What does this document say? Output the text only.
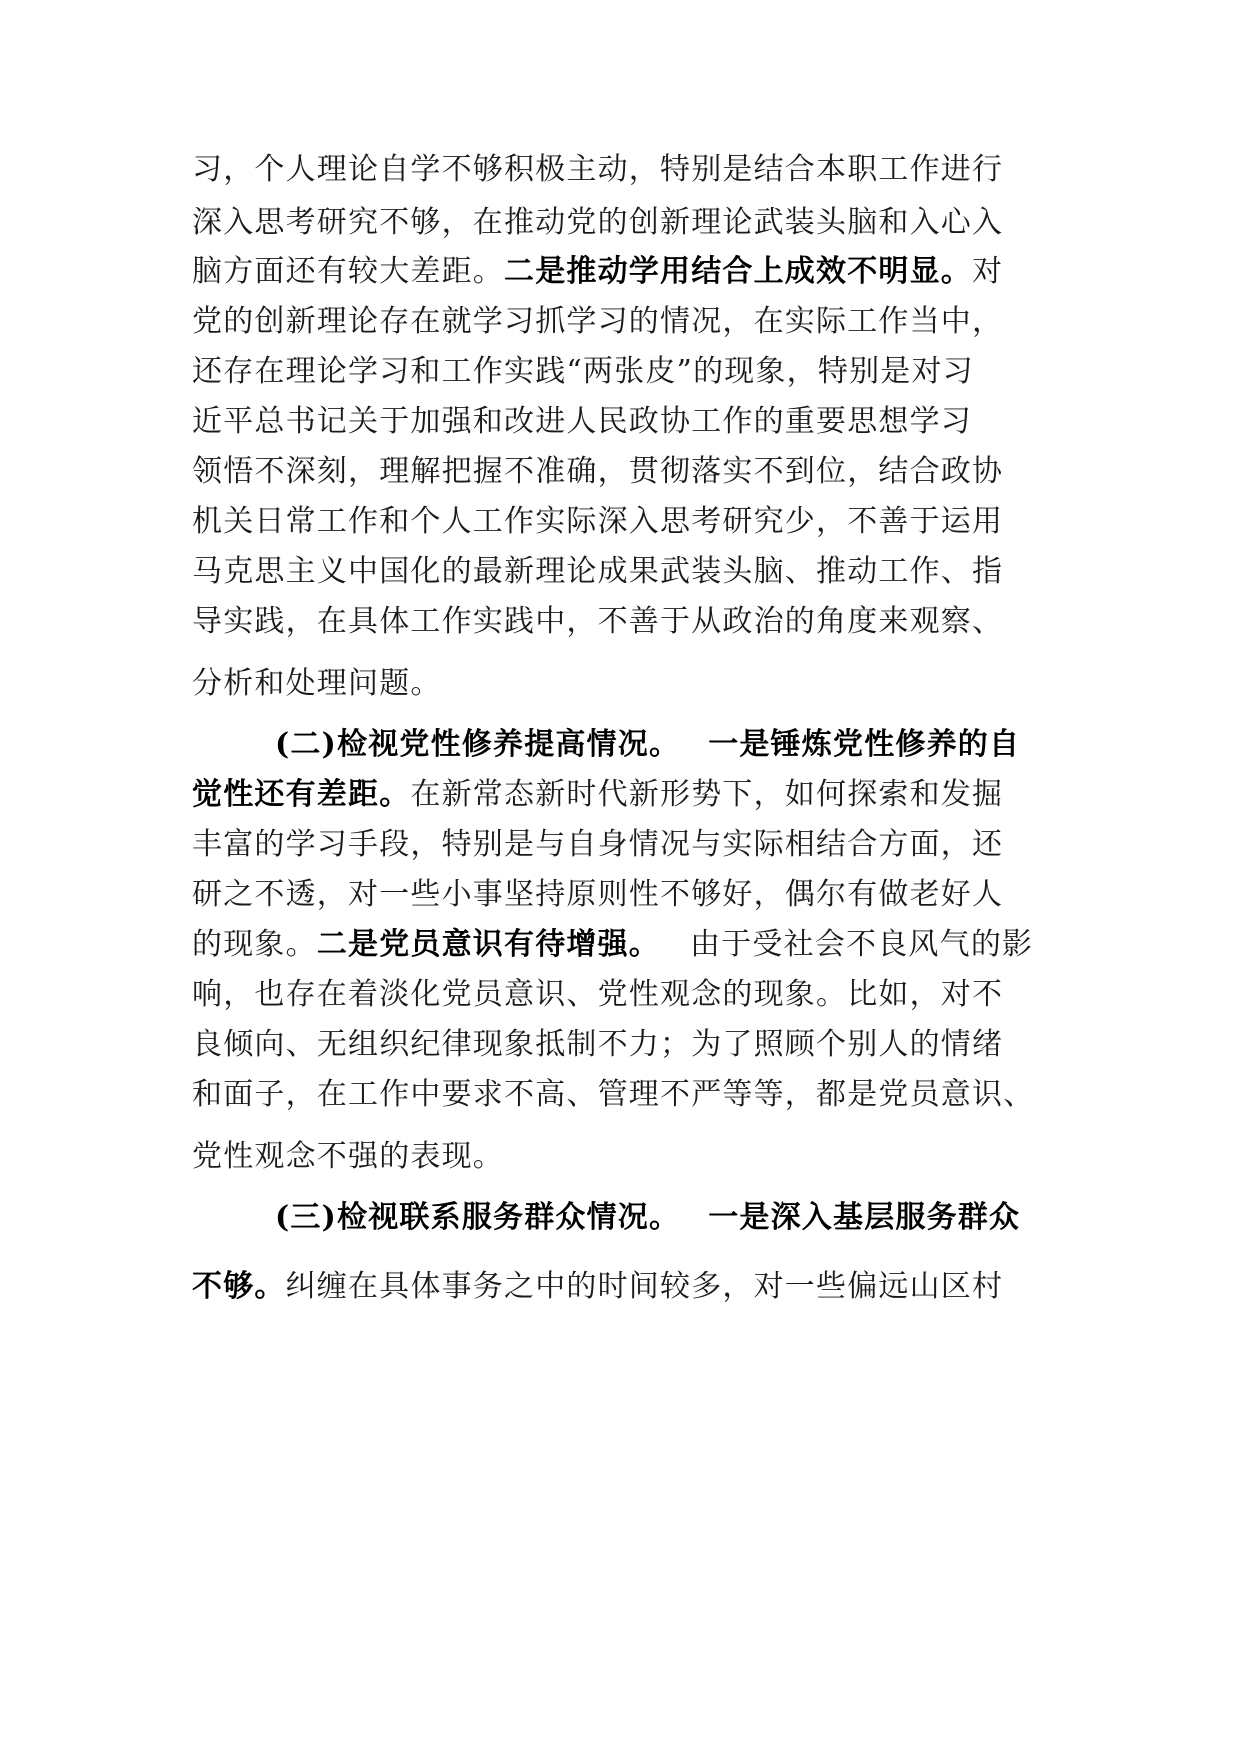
习，个人理论自学不够积极主动，特别是结合本职工作进行
深入思考研究不够，在推动党的创新理论武装头脑和入心入
脑方面还有较大差距。二是推动学用结合上成效不明显。对
党的创新理论存在就学习抓学习的情况，在实际工作当中，
还存在理论学习和工作实践“两张皮”的现象，特别是对习
近平总书记关于加强和改进人民政协工作的重要思想学习
领悟不深刻，理解把握不准确，贯彻落实不到位，结合政协
机关日常工作和个人工作实际深入思考研究少，不善于运用
马克思主义中国化的最新理论成果武装头脑、推动工作、指
导实践，在具体工作实践中，不善于从政治的角度来观察、
分析和处理问题。
(二)检视党性修养提高情况。 一是锤炼党性修养的自
觉性还有差距。在新常态新时代新形势下，如何探索和发掘
丰富的学习手段，特别是与自身情况与实际相结合方面，还
研之不透，对一些小事坚持原则性不够好，偶尔有做老好人
的现象。二是党员意识有待增强。 由于受社会不良风气的影
响，也存在着淡化党员意识、党性观念的现象。比如，对不
良倾向、无组织纪律现象抵制不力；为了照顾个别人的情绪
和面子，在工作中要求不高、管理不严等等，都是党员意识、
党性观念不强的表现。
(三)检视联系服务群众情况。 一是深入基层服务群众
不够。纠缠在具体事务之中的时间较多，对一些偏远山区村
